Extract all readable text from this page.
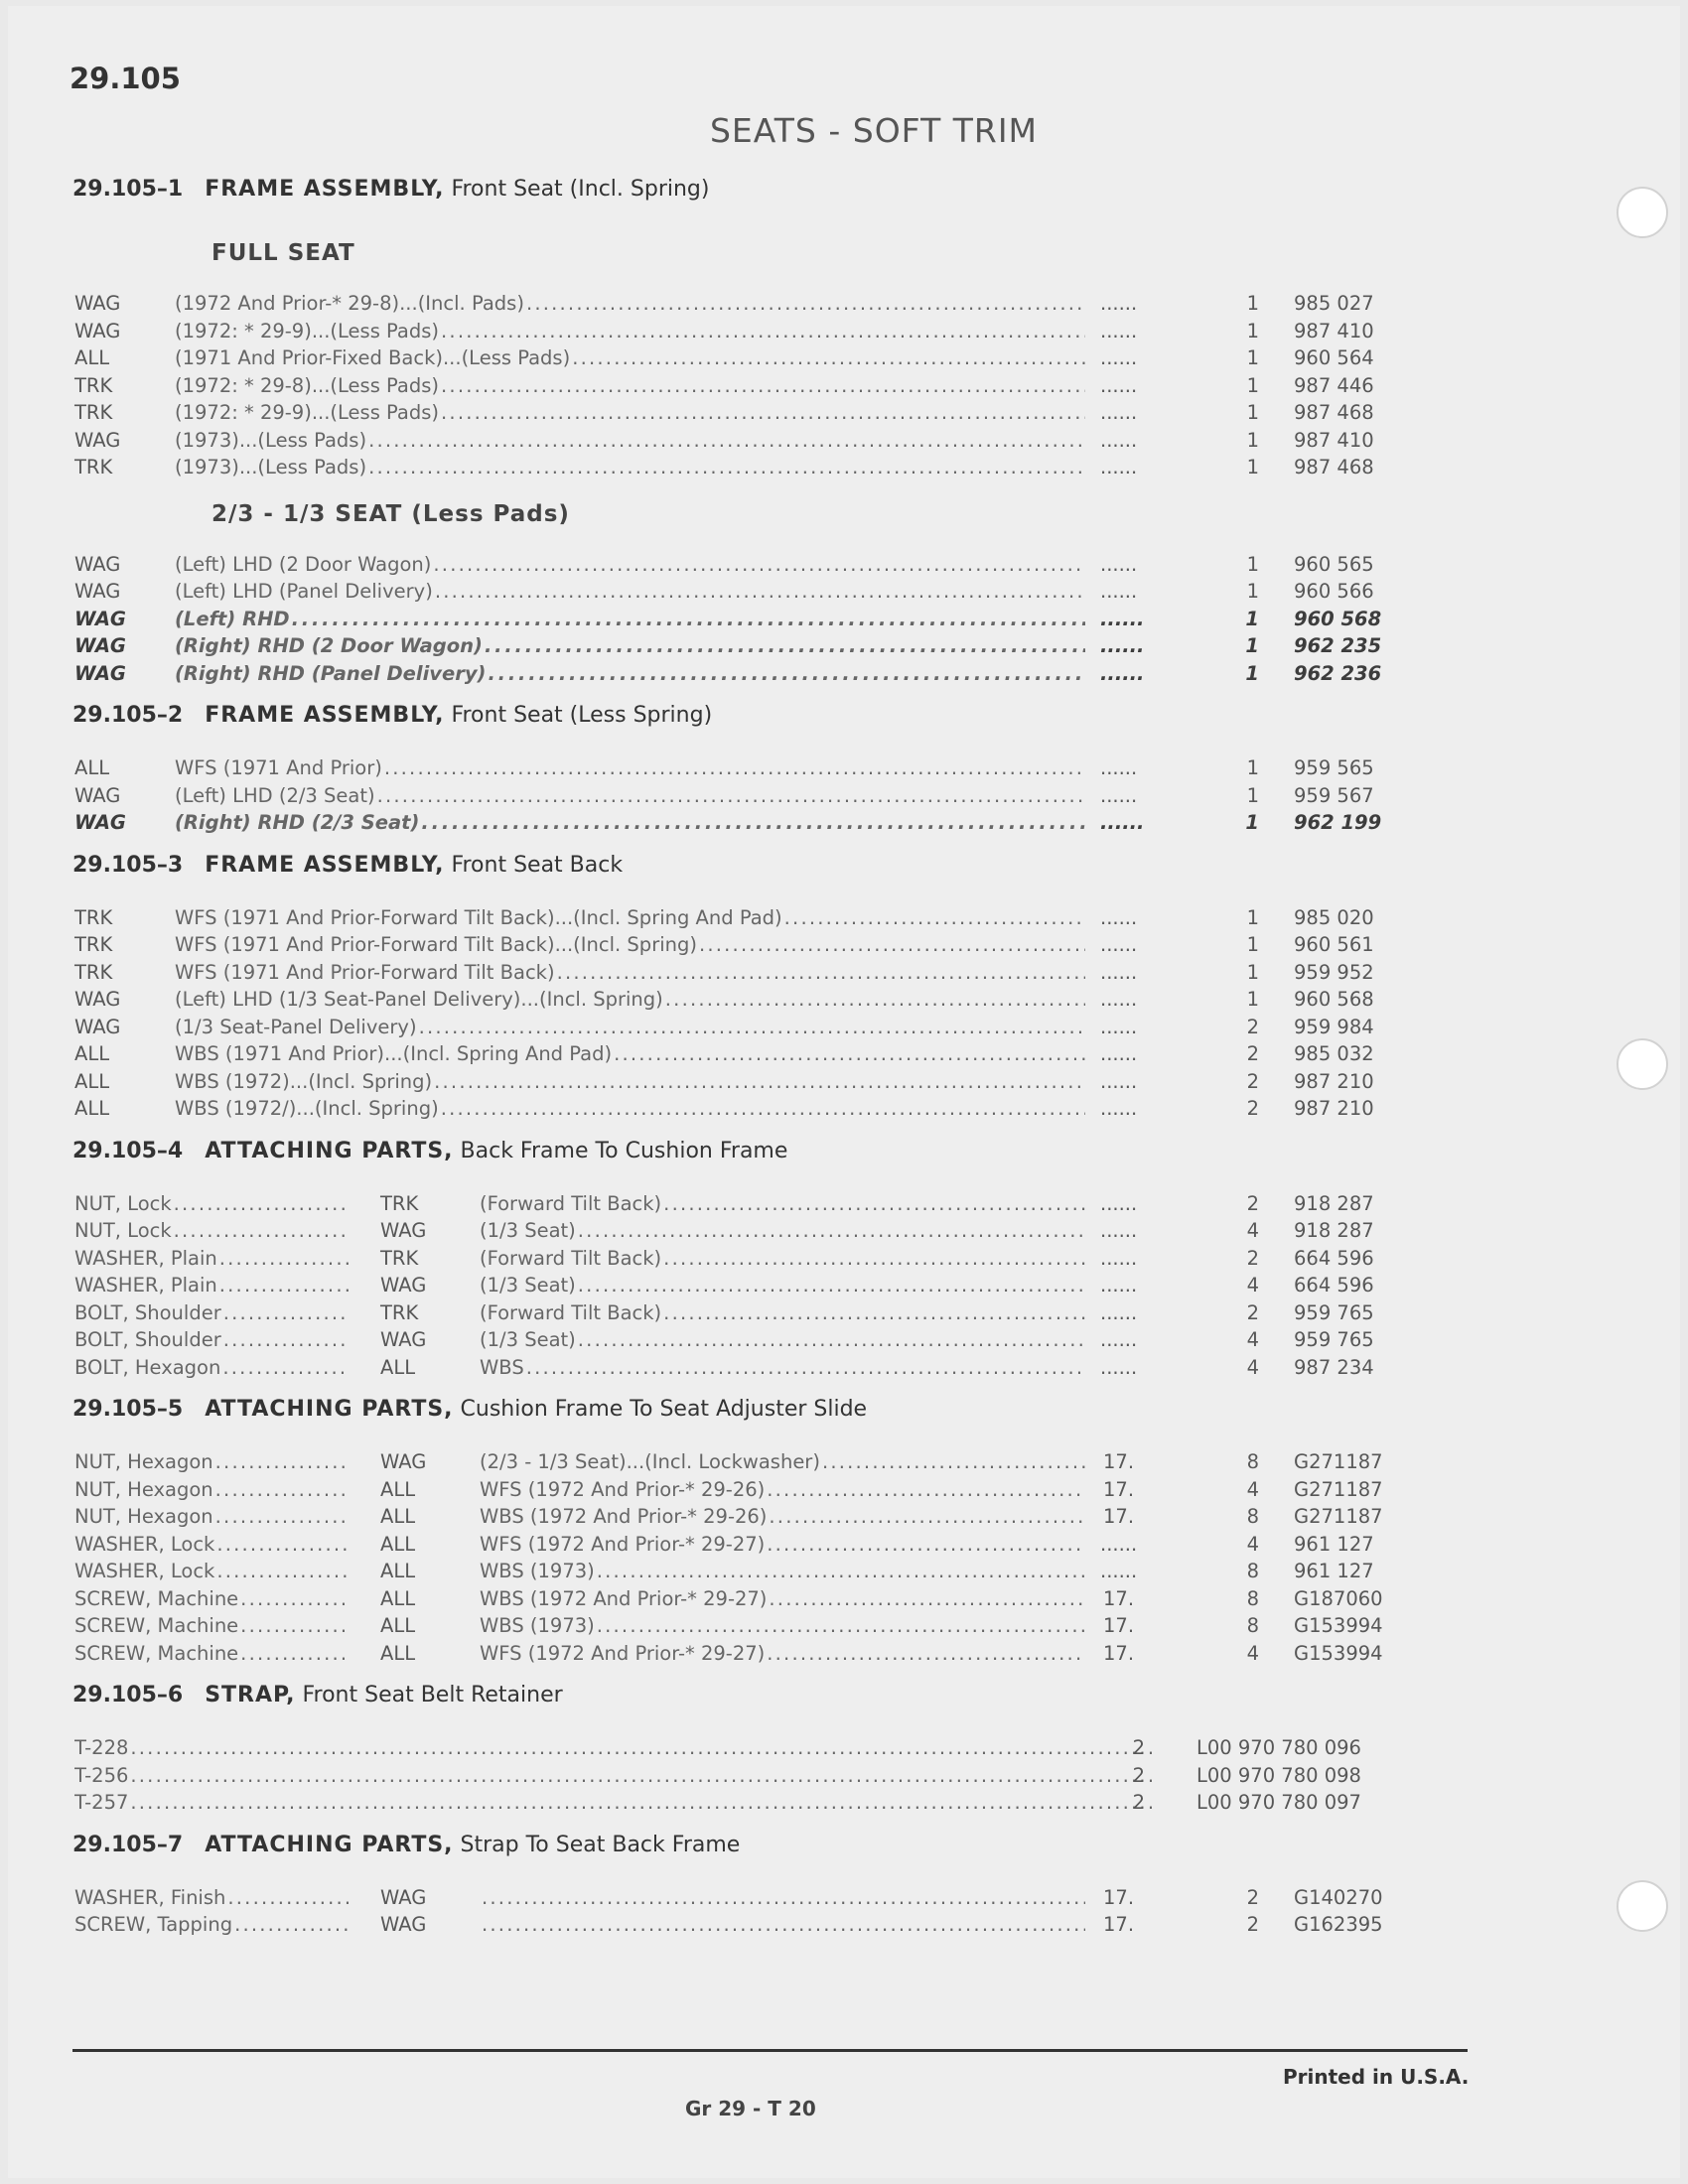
29.105
SEATS - SOFT TRIM
29.105–1 FRAME ASSEMBLY, Front Seat (Incl. Spring)
FULL SEAT
WAG	(1972 And Prior-* 29-8)...(Incl. Pads) . . .	......	1 985 027
WAG	(1972: * 29-9)...(Less Pads) . . .	......	1 987 410
ALL	(1971 And Prior-Fixed Back)...(Less Pads) . . .	......	1 960 564
TRK	(1972: * 29-8)...(Less Pads) . . .	......	1 987 446
TRK	(1972: * 29-9)...(Less Pads) . . .	......	1 987 468
WAG	(1973)...(Less Pads) . . .	......	1 987 410
TRK	(1973)...(Less Pads) . . .	......	1 987 468
2/3 - 1/3 SEAT (Less Pads)
WAG	(Left) LHD (2 Door Wagon) . . .	......	1 960 565
WAG	(Left) LHD (Panel Delivery) . . .	......	1 960 566
WAG	(Left) RHD . . .	......	1 960 568
WAG	(Right) RHD (2 Door Wagon) . . .	......	1 962 235
WAG	(Right) RHD (Panel Delivery) . . .	......	1 962 236
29.105–2 FRAME ASSEMBLY, Front Seat (Less Spring)
ALL	WFS (1971 And Prior) . . .	......	1 959 565
WAG	(Left) LHD (2/3 Seat) . . .	......	1 959 567
WAG	(Right) RHD (2/3 Seat) . . .	......	1 962 199
29.105–3 FRAME ASSEMBLY, Front Seat Back
TRK	WFS (1971 And Prior-Forward Tilt Back)...(Incl. Spring And Pad) . . .	......	1 985 020
TRK	WFS (1971 And Prior-Forward Tilt Back)...(Incl. Spring) . . .	......	1 960 561
TRK	WFS (1971 And Prior-Forward Tilt Back) . . .	......	1 959 952
WAG	(Left) LHD (1/3 Seat-Panel Delivery)...(Incl. Spring) . . .	......	1 960 568
WAG	(1/3 Seat-Panel Delivery) . . .	......	2 959 984
ALL	WBS (1971 And Prior)...(Incl. Spring And Pad) . . .	......	2 985 032
ALL	WBS (1972)...(Incl. Spring) . . .	......	2 987 210
ALL	WBS (1972/)...(Incl. Spring) . . .	......	2 987 210
29.105–4 ATTACHING PARTS, Back Frame To Cushion Frame
NUT, Lock . . .	TRK	(Forward Tilt Back) . . .	......	2 918 287
NUT, Lock . . .	WAG	(1/3 Seat) . . .	......	4 918 287
WASHER, Plain . . .	TRK	(Forward Tilt Back) . . .	......	2 664 596
WASHER, Plain . . .	WAG	(1/3 Seat) . . .	......	4 664 596
BOLT, Shoulder . . .	TRK	(Forward Tilt Back) . . .	......	2 959 765
BOLT, Shoulder . . .	WAG	(1/3 Seat) . . .	......	4 959 765
BOLT, Hexagon . . .	ALL	WBS . . .	......	4 987 234
29.105–5 ATTACHING PARTS, Cushion Frame To Seat Adjuster Slide
NUT, Hexagon . . .	WAG	(2/3 - 1/3 Seat)...(Incl. Lockwasher) . . .	17.	8 G271187
NUT, Hexagon . . .	ALL	WFS (1972 And Prior-* 29-26) . . .	17.	4 G271187
NUT, Hexagon . . .	ALL	WBS (1972 And Prior-* 29-26) . . .	17.	8 G271187
WASHER, Lock . . .	ALL	WFS (1972 And Prior-* 29-27) . . .	......	4 961 127
WASHER, Lock . . .	ALL	WBS (1973) . . .	......	8 961 127
SCREW, Machine . . .	ALL	WBS (1972 And Prior-* 29-27) . . .	17.	8 G187060
SCREW, Machine . . .	ALL	WBS (1973) . . .	17.	8 G153994
SCREW, Machine . . .	ALL	WFS (1972 And Prior-* 29-27) . . .	17.	4 G153994
29.105–6 STRAP, Front Seat Belt Retainer
T-228 . . .	2	L00 970 780 096
T-256 . . .	2	L00 970 780 098
T-257 . . .	2	L00 970 780 097
29.105–7 ATTACHING PARTS, Strap To Seat Back Frame
WASHER, Finish . . .	WAG . . .	17.	2 G140270
SCREW, Tapping . . .	WAG . . .	17.	2 G162395
Printed in U.S.A.
Gr 29 - T 20
